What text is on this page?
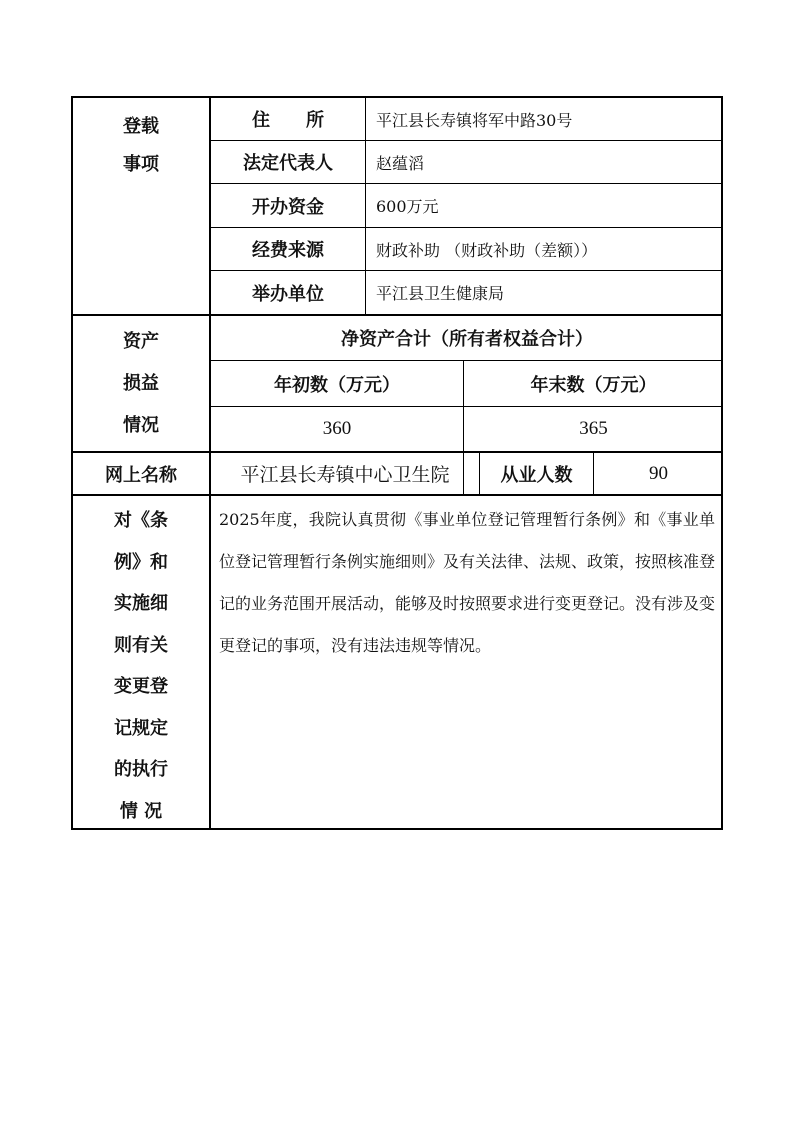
登载
事项
住　　所	平江县长寿镇将军中路30号
法定代表人	赵蕴滔
开办资金	600万元
经费来源	财政补助 （财政补助（差额））
举办单位	平江县卫生健康局
资产
损益
情况
净资产合计（所有者权益合计）
年初数（万元）	年末数（万元）
360	365
网上名称	平江县长寿镇中心卫生院	从业人数	90
对《条
例》和
实施细
则有关
变更登
记规定
的执行
情 况
2025年度，我院认真贯彻《事业单位登记管理暂行条例》和《事业单位登记管理暂行条例实施细则》及有关法律、法规、政策，按照核准登记的业务范围开展活动，能够及时按照要求进行变更登记。没有涉及变更登记的事项，没有违法违规等情况。
